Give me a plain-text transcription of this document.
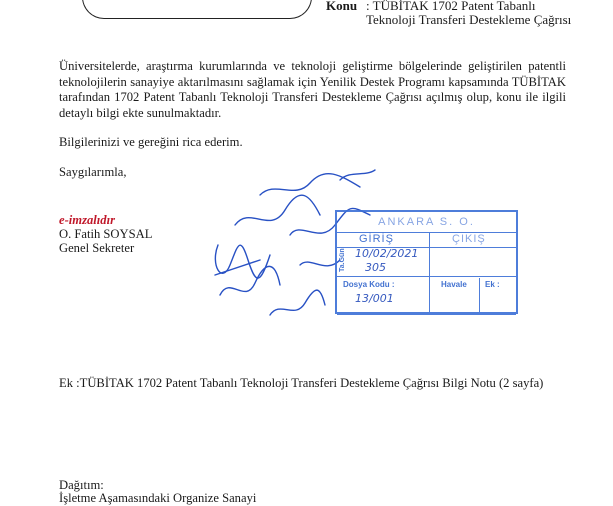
Konu : TÜBİTAK 1702 Patent Tabanlı
Teknoloji Transferi Destekleme Çağrısı
Üniversitelerde, araştırma kurumlarında ve teknoloji geliştirme bölgelerinde geliştirilen patentli teknolojilerin sanayiye aktarılmasını sağlamak için Yenilik Destek Programı kapsamında TÜBİTAK tarafından 1702 Patent Tabanlı Teknoloji Transferi Destekleme Çağrısı açılmış olup, konu ile ilgili detaylı bilgi ekte sunulmaktadır.
Bilgilerinizi ve gereğini rica ederim.
Saygılarımla,
e-imzalıdır
O. Fatih SOYSAL
Genel Sekreter
ANKARA S. O.
GİRİŞ	ÇIKIŞ
Ta.Gün 10/02/2021
305
Dosya Kodu :
13/001
Havale Ek :
Ek :TÜBİTAK 1702 Patent Tabanlı Teknoloji Transferi Destekleme Çağrısı Bilgi Notu (2 sayfa)
Dağıtım:
İşletme Aşamasındaki Organize Sanayi
